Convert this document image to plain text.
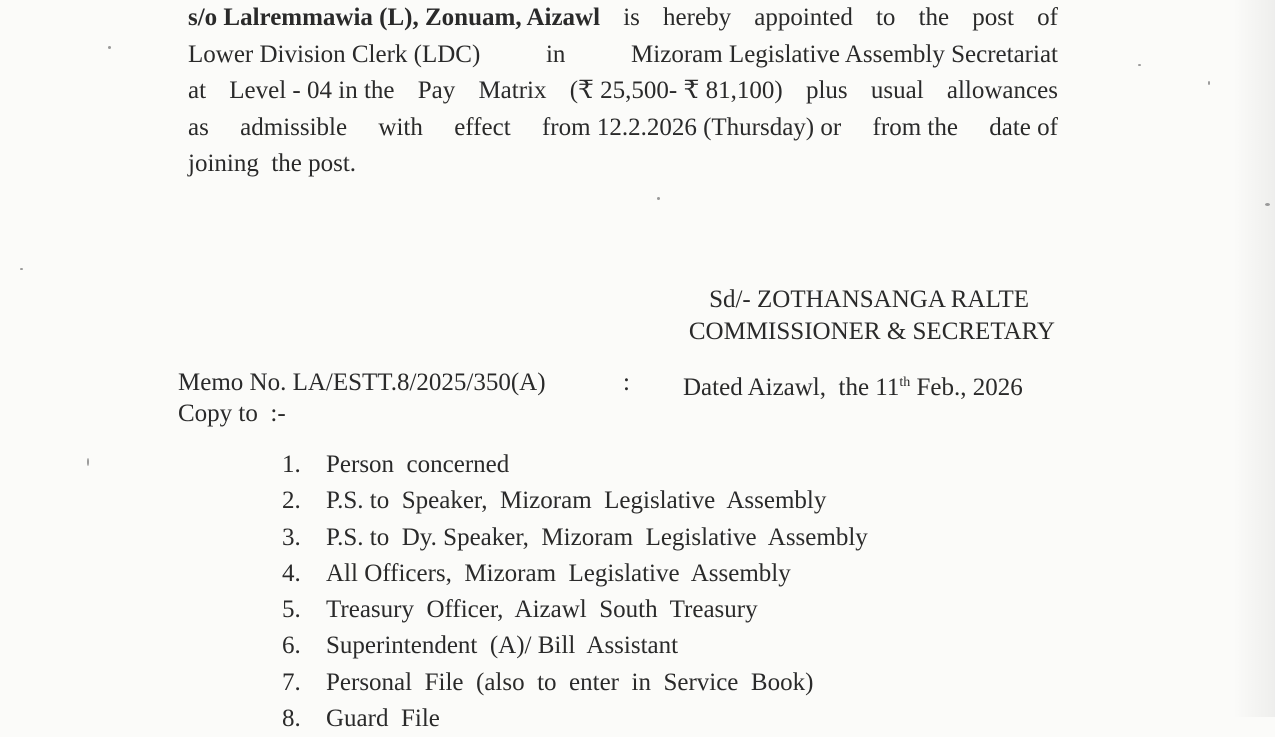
s/o Lalremmawia (L), Zonuam, Aizawl is hereby appointed to the post of
Lower Division Clerk (LDC)	in	Mizoram Legislative Assembly Secretariat
at Level - 04 in the Pay Matrix (₹ 25,500- ₹ 81,100) plus usual allowances
as admissible with effect from 12.2.2026 (Thursday) or from the date of
joining  the post.
Sd/- ZOTHANSANGA RALTE
COMMISSIONER & SECRETARY
Memo No. LA/ESTT.8/2025/350(A)	: Dated Aizawl,  the 11th Feb., 2026
Copy to  :-
1.	Person  concerned
2.	P.S. to  Speaker,  Mizoram  Legislative  Assembly
3.	P.S. to  Dy. Speaker,  Mizoram  Legislative  Assembly
4.	All Officers,  Mizoram  Legislative  Assembly
5.	Treasury  Officer,  Aizawl  South  Treasury
6.	Superintendent  (A)/ Bill  Assistant
7.	Personal  File  (also  to  enter  in  Service  Book)
8.	Guard  File
